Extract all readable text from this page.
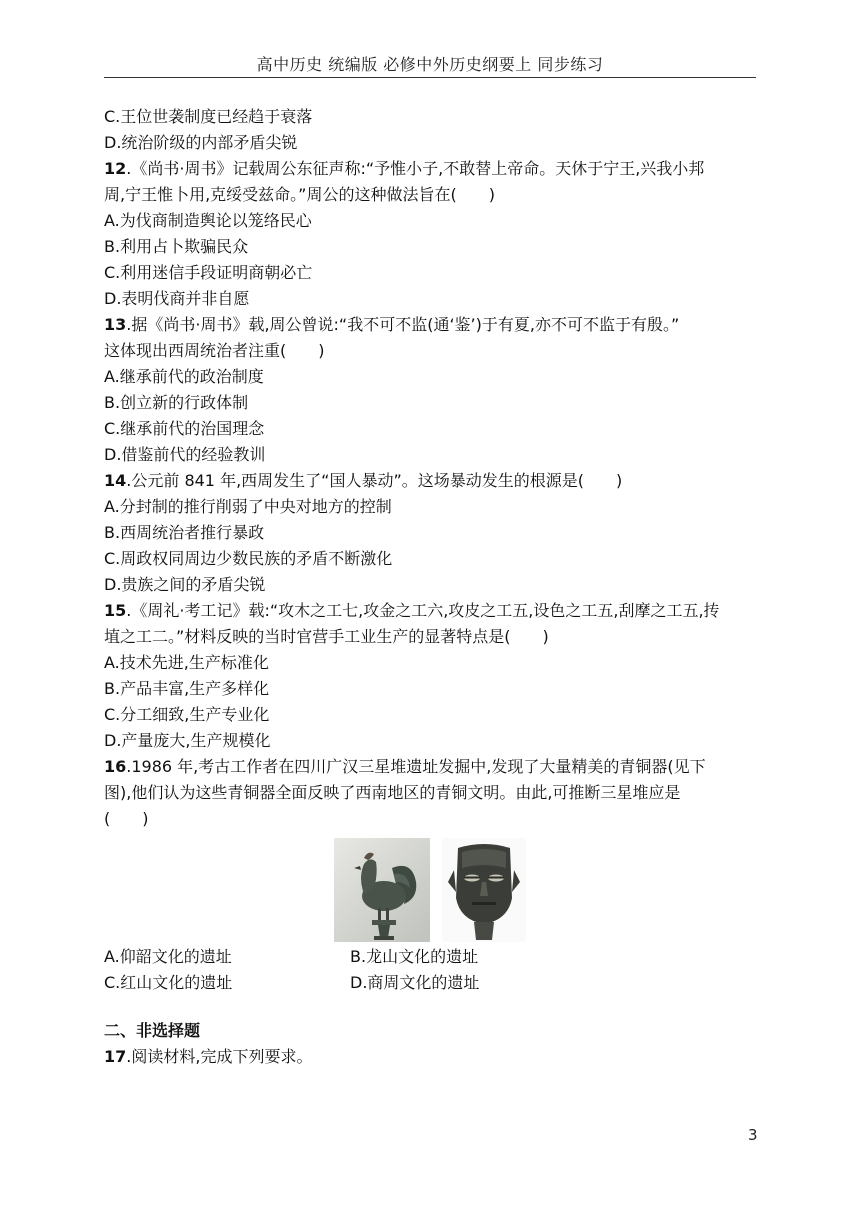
高中历史 统编版 必修中外历史纲要上 同步练习
C.王位世袭制度已经趋于衰落
D.统治阶级的内部矛盾尖锐
12.《尚书·周书》记载周公东征声称:“予惟小子,不敢替上帝命。天休于宁王,兴我小邦
周,宁王惟卜用,克绥受兹命。”周公的这种做法旨在(　　)
A.为伐商制造舆论以笼络民心
B.利用占卜欺骗民众
C.利用迷信手段证明商朝必亡
D.表明伐商并非自愿
13.据《尚书·周书》载,周公曾说:“我不可不监(通‘鉴’)于有夏,亦不可不监于有殷。”
这体现出西周统治者注重(　　)
A.继承前代的政治制度
B.创立新的行政体制
C.继承前代的治国理念
D.借鉴前代的经验教训
14.公元前 841 年,西周发生了“国人暴动”。这场暴动发生的根源是(　　)
A.分封制的推行削弱了中央对地方的控制
B.西周统治者推行暴政
C.周政权同周边少数民族的矛盾不断激化
D.贵族之间的矛盾尖锐
15.《周礼·考工记》载:“攻木之工七,攻金之工六,攻皮之工五,设色之工五,刮摩之工五,抟
埴之工二。”材料反映的当时官营手工业生产的显著特点是(　　)
A.技术先进,生产标准化
B.产品丰富,生产多样化
C.分工细致,生产专业化
D.产量庞大,生产规模化
16.1986 年,考古工作者在四川广汉三星堆遗址发掘中,发现了大量精美的青铜器(见下
图),他们认为这些青铜器全面反映了西南地区的青铜文明。由此,可推断三星堆应是
(　　)
A.仰韶文化的遗址	B.龙山文化的遗址
C.红山文化的遗址	D.商周文化的遗址
二、非选择题
17.阅读材料,完成下列要求。
3
